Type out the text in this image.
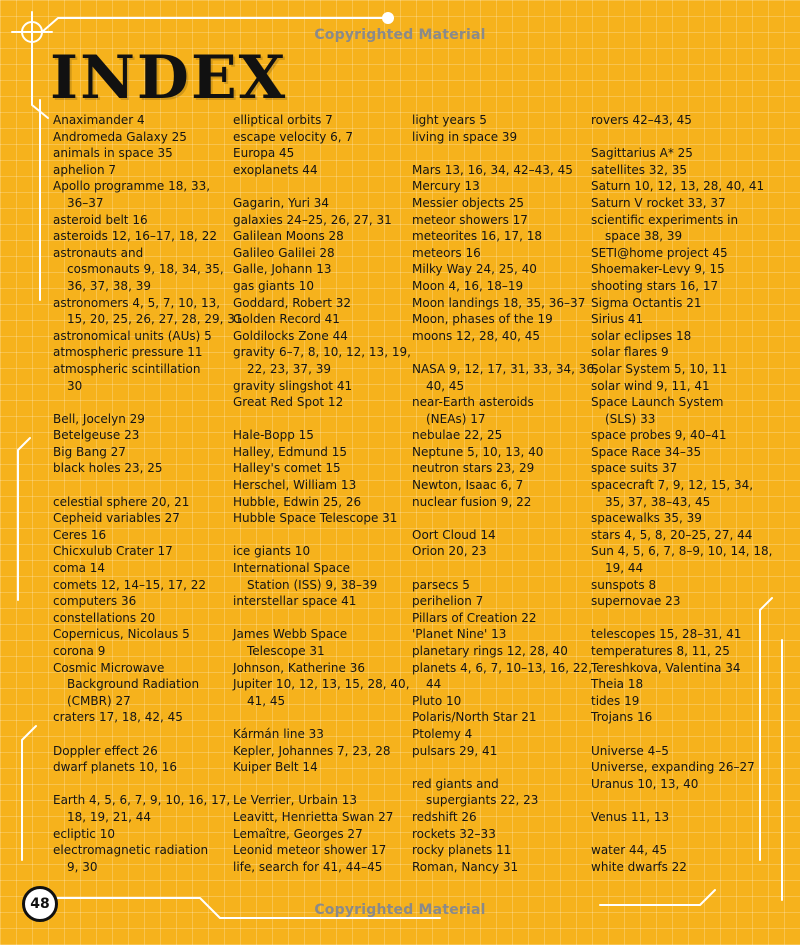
Copyrighted Material
INDEX
Anaximander 4
Andromeda Galaxy 25
animals in space 35
aphelion 7
Apollo programme 18, 33,
36–37
asteroid belt 16
asteroids 12, 16–17, 18, 22
astronauts and
cosmonauts 9, 18, 34, 35,
36, 37, 38, 39
astronomers 4, 5, 7, 10, 13,
15, 20, 25, 26, 27, 28, 29, 31
astronomical units (AUs) 5
atmospheric pressure 11
atmospheric scintillation
30
Bell, Jocelyn 29
Betelgeuse 23
Big Bang 27
black holes 23, 25
celestial sphere 20, 21
Cepheid variables 27
Ceres 16
Chicxulub Crater 17
coma 14
comets 12, 14–15, 17, 22
computers 36
constellations 20
Copernicus, Nicolaus 5
corona 9
Cosmic Microwave
Background Radiation
(CMBR) 27
craters 17, 18, 42, 45
Doppler effect 26
dwarf planets 10, 16
Earth 4, 5, 6, 7, 9, 10, 16, 17,
18, 19, 21, 44
ecliptic 10
electromagnetic radiation
9, 30
elliptical orbits 7
escape velocity 6, 7
Europa 45
exoplanets 44
Gagarin, Yuri 34
galaxies 24–25, 26, 27, 31
Galilean Moons 28
Galileo Galilei 28
Galle, Johann 13
gas giants 10
Goddard, Robert 32
Golden Record 41
Goldilocks Zone 44
gravity 6–7, 8, 10, 12, 13, 19,
22, 23, 37, 39
gravity slingshot 41
Great Red Spot 12
Hale-Bopp 15
Halley, Edmund 15
Halley's comet 15
Herschel, William 13
Hubble, Edwin 25, 26
Hubble Space Telescope 31
ice giants 10
International Space
Station (ISS) 9, 38–39
interstellar space 41
James Webb Space
Telescope 31
Johnson, Katherine 36
Jupiter 10, 12, 13, 15, 28, 40,
41, 45
Kármán line 33
Kepler, Johannes 7, 23, 28
Kuiper Belt 14
Le Verrier, Urbain 13
Leavitt, Henrietta Swan 27
Lemaître, Georges 27
Leonid meteor shower 17
life, search for 41, 44–45
light years 5
living in space 39
Mars 13, 16, 34, 42–43, 45
Mercury 13
Messier objects 25
meteor showers 17
meteorites 16, 17, 18
meteors 16
Milky Way 24, 25, 40
Moon 4, 16, 18–19
Moon landings 18, 35, 36–37
Moon, phases of the 19
moons 12, 28, 40, 45
NASA 9, 12, 17, 31, 33, 34, 36,
40, 45
near-Earth asteroids
(NEAs) 17
nebulae 22, 25
Neptune 5, 10, 13, 40
neutron stars 23, 29
Newton, Isaac 6, 7
nuclear fusion 9, 22
Oort Cloud 14
Orion 20, 23
parsecs 5
perihelion 7
Pillars of Creation 22
'Planet Nine' 13
planetary rings 12, 28, 40
planets 4, 6, 7, 10–13, 16, 22,
44
Pluto 10
Polaris/North Star 21
Ptolemy 4
pulsars 29, 41
red giants and
supergiants 22, 23
redshift 26
rockets 32–33
rocky planets 11
Roman, Nancy 31
rovers 42–43, 45
Sagittarius A* 25
satellites 32, 35
Saturn 10, 12, 13, 28, 40, 41
Saturn V rocket 33, 37
scientific experiments in
space 38, 39
SETI@home project 45
Shoemaker-Levy 9, 15
shooting stars 16, 17
Sigma Octantis 21
Sirius 41
solar eclipses 18
solar flares 9
Solar System 5, 10, 11
solar wind 9, 11, 41
Space Launch System
(SLS) 33
space probes 9, 40–41
Space Race 34–35
space suits 37
spacecraft 7, 9, 12, 15, 34,
35, 37, 38–43, 45
spacewalks 35, 39
stars 4, 5, 8, 20–25, 27, 44
Sun 4, 5, 6, 7, 8–9, 10, 14, 18,
19, 44
sunspots 8
supernovae 23
telescopes 15, 28–31, 41
temperatures 8, 11, 25
Tereshkova, Valentina 34
Theia 18
tides 19
Trojans 16
Universe 4–5
Universe, expanding 26–27
Uranus 10, 13, 40
Venus 11, 13
water 44, 45
white dwarfs 22
48	Copyrighted Material
